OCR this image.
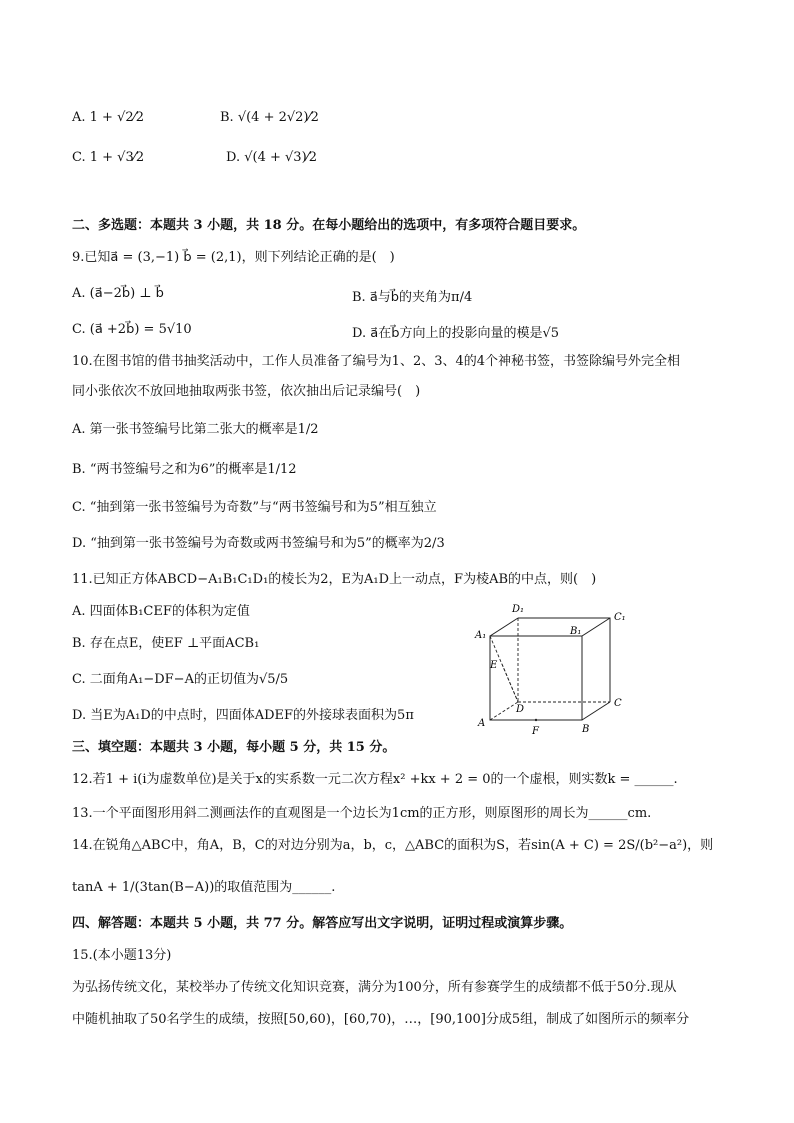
A. 1 + √2⁄2	B. √(4 + 2√2)⁄2
C. 1 + √3⁄2	D. √(4 + √3)⁄2
二、多选题：本题共 3 小题，共 18 分。在每小题给出的选项中，有多项符合题目要求。
9.已知a⃗ = (3,−1) b⃗ = (2,1)，则下列结论正确的是(　)
A. (a⃗−2b⃗) ⊥ b⃗	B. a⃗与b⃗的夹角为π/4
C. (a⃗ +2b⃗) = 5√10	D. a⃗在b⃗方向上的投影向量的模是√5
10.在图书馆的借书抽奖活动中，工作人员准备了编号为1、2、3、4的4个神秘书签，书签除编号外完全相
同小张依次不放回地抽取两张书签，依次抽出后记录编号(　)
A. 第一张书签编号比第二张大的概率是1/2
B. “两书签编号之和为6”的概率是1/12
C. “抽到第一张书签编号为奇数”与“两书签编号和为5”相互独立
D. “抽到第一张书签编号为奇数或两书签编号和为5”的概率为2/3
11.已知正方体ABCD−A₁B₁C₁D₁的棱长为2，E为A₁D上一动点，F为棱AB的中点，则(　)
A. 四面体B₁CEF的体积为定值
B. 存在点E，使EF ⊥平面ACB₁
C. 二面角A₁−DF−A的正切值为√5/5
D. 当E为A₁D的中点时，四面体ADEF的外接球表面积为5π
D₁
C₁
A₁	B₁
E
D
C
A
F	B
三、填空题：本题共 3 小题，每小题 5 分，共 15 分。
12.若1 + i(i为虚数单位)是关于x的实系数一元二次方程x² +kx + 2 = 0的一个虚根，则实数k = ______.
13.一个平面图形用斜二测画法作的直观图是一个边长为1cm的正方形，则原图形的周长为______cm.
14.在锐角△ABC中，角A，B，C的对边分别为a，b，c，△ABC的面积为S，若sin(A + C) = 2S/(b²−a²)，则
tanA + 1/(3tan(B−A))的取值范围为______.
四、解答题：本题共 5 小题，共 77 分。解答应写出文字说明，证明过程或演算步骤。
15.(本小题13分)
为弘扬传统文化，某校举办了传统文化知识竞赛，满分为100分，所有参赛学生的成绩都不低于50分.现从
中随机抽取了50名学生的成绩，按照[50,60)，[60,70)，…，[90,100]分成5组，制成了如图所示的频率分
